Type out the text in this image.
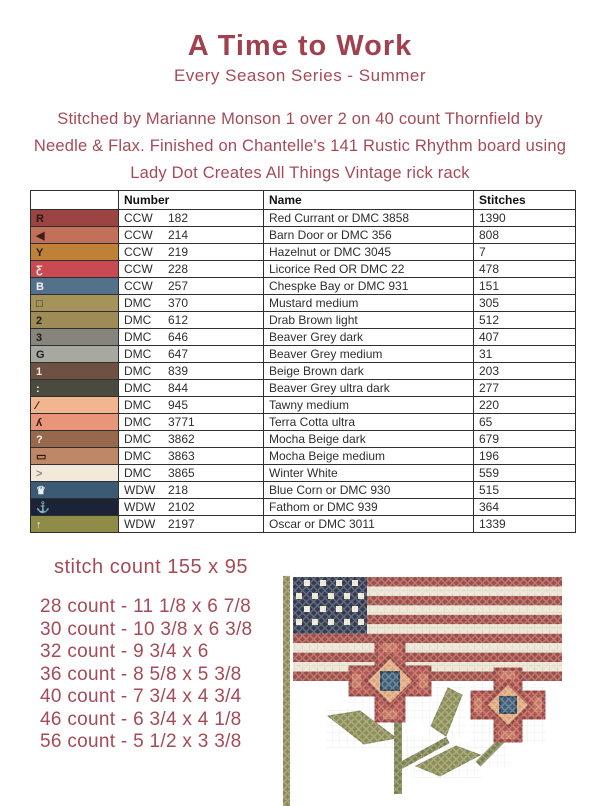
A Time to Work
Every Season Series - Summer
Stitched by Marianne Monson 1 over 2 on 40 count Thornfield by
Needle & Flax. Finished on Chantelle's 141 Rustic Rhythm board using
Lady Dot Creates All Things Vintage rick rack
	Number	Name	Stitches
R	CCW 182	Red Currant or DMC 3858	1390
◀	CCW 214	Barn Door or DMC 356	808
Y	CCW 219	Hazelnut or DMC 3045	7
Ƹ	CCW 228	Licorice Red OR DMC 22	478
B	CCW 257	Chespke Bay or DMC 931	151
□	DMC 370	Mustard medium	305
2	DMC 612	Drab Brown light	512
3	DMC 646	Beaver Grey dark	407
G	DMC 647	Beaver Grey medium	31
1	DMC 839	Beige Brown dark	203
:	DMC 844	Beaver Grey ultra dark	277
∕	DMC 945	Tawny medium	220
ʎ	DMC 3771	Terra Cotta ultra	65
?	DMC 3862	Mocha Beige dark	679
▭	DMC 3863	Mocha Beige medium	196
>	DMC 3865	Winter White	559
♛	WDW 218	Blue Corn or DMC 930	515
⚓	WDW 2102	Fathom or DMC 939	364
↑	WDW 2197	Oscar or DMC 3011	1339
stitch count 155 x 95
28 count - 11 1/8 x 6 7/8
30 count - 10 3/8 x 6 3/8
32 count - 9 3/4 x 6
36 count - 8 5/8 x 5 3/8
40 count - 7 3/4 x 4 3/4
46 count - 6 3/4 x 4 1/8
56 count - 5 1/2 x 3 3/8
